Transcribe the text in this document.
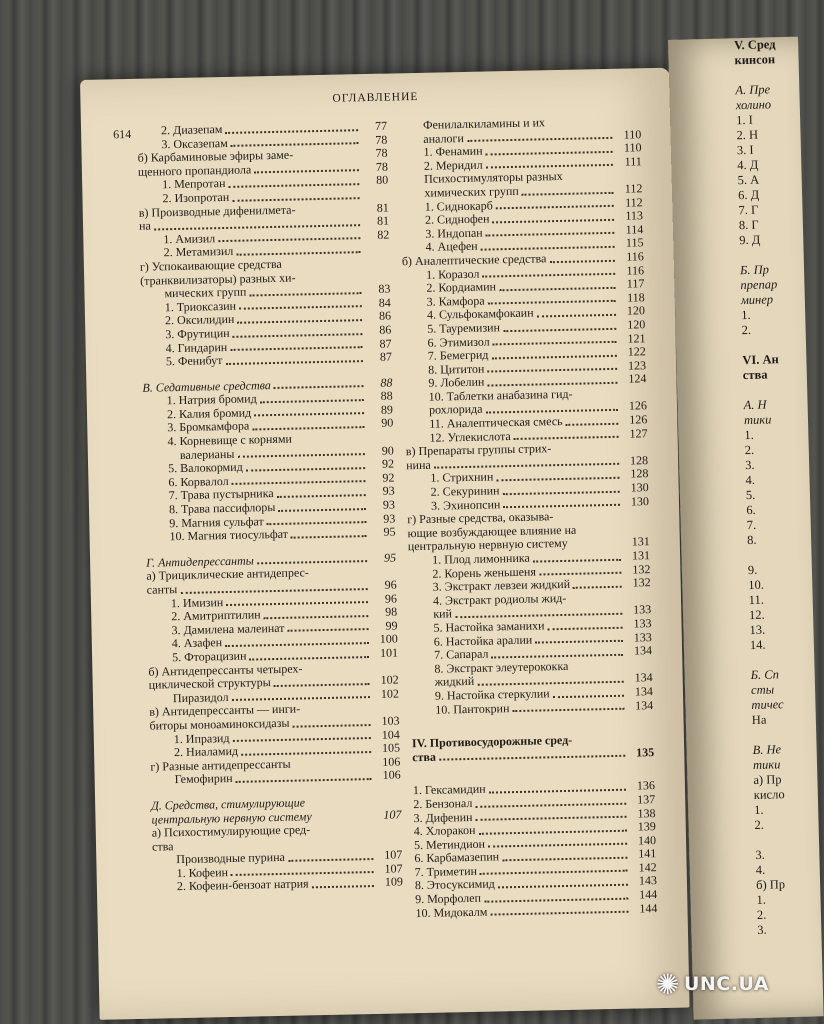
ОГЛАВЛЕНИЕ
614 2. Диазепам	77
3. Оксазепам	78
б) Карбаминовые эфиры заме-	78
щенного пропандиола	78
1. Мепротан	80
2. Изопротан
в) Производные дифенилмета-	81
на	81
1. Амизил	82
2. Метамизил
г) Успокаивающие средства
(транквилизаторы) разных хи-
мических групп	83
1. Триоксазин	84
2. Оксилидин	86
3. Фрутицин	86
4. Гиндарин	87
5. Фенибут	87
В. Седативные средства	88
1. Натрия бромид	88
2. Калия бромид	89
3. Бромкамфора	90
4. Корневище с корнями
валерианы	90
5. Валокормид	92
6. Корвалол	92
7. Трава пустырника	93
8. Трава пассифлоры	93
9. Магния сульфат	93
10. Магния тиосульфат	95
Г. Антидепрессанты	95
а) Трициклические антидепрес-
санты	96
1. Имизин	96
2. Амитриптилин	98
3. Дамилена малеинат	99
4. Азафен	100
5. Фторацизин	101
б) Антидепрессанты четырех-
циклической структуры	102
Пиразидол	102
в) Антидепрессанты — инги-
биторы моноаминоксидазы	103
1. Ипразид	104
2. Ниаламид	105
г) Разные антидепрессанты	106
Гемофирин	106
Д. Средства, стимулирующие
центральную нервную систему	107
а) Психостимулирующие сред-
ства
Производные пурина	107
1. Кофеин	107
2. Кофеин-бензоат натрия	109
Фенилалкиламины и их
аналоги	110
1. Фенамин	110
2. Меридил	111
Психостимуляторы разных
химических групп	112
1. Сиднокарб	112
2. Сиднофен	113
3. Индопан	114
4. Ацефен	115
б) Аналептические средства	116
1. Коразол	116
2. Кордиамин	117
3. Камфора	118
4. Сульфокамфокаин	120
5. Тауремизин	120
6. Этимизол	121
7. Бемегрид	122
8. Цититон	123
9. Лобелин	124
10. Таблетки анабазина гид-
рохлорида	126
11. Аналептическая смесь	126
12. Углекислота	127
в) Препараты группы стрих-
нина	128
1. Стрихнин	128
2. Секуринин	130
3. Эхинопсин	130
г) Разные средства, оказыва-
ющие возбуждающее влияние на
центральную нервную систему	131
1. Плод лимонника	131
2. Корень женьшеня	132
3. Экстракт левзеи жидкий	132
4. Экстракт родиолы жид-
кий	133
5. Настойка заманихи	133
6. Настойка аралии	133
7. Сапарал	134
8. Экстракт элеутерококка
жидкий	134
9. Настойка стеркулии	134
10. Пантокрин	134
IV. Противосудорожные сред-
ства	135
1. Гексамидин	136
2. Бензонал	137
3. Дифенин	138
4. Хлоракон	139
5. Метиндион	140
6. Карбамазепин	141
7. Триметин	142
8. Этосуксимид	143
9. Морфолеп	144
10. Мидокалм	144
V. Сред
кинсон

А. Пре
холино
1. I
2. Н
3. I
4. Д
5. А
6. Д
7. Г
8. Г
9. Д

Б. Пр
препар
минер
1.
2.

VI. Ан
ства

А. Н
тики
1.
2.
3.
4.
5.
6.
7.
8.

9.
10.
11.
12.
13.
14.

Б. Сп
сты
тичес
На

В. Не
тики
а) Пр
кисло
1.
2.

3.
4.
б) Пр
1.
2.
3.
✺ UNC.UA
